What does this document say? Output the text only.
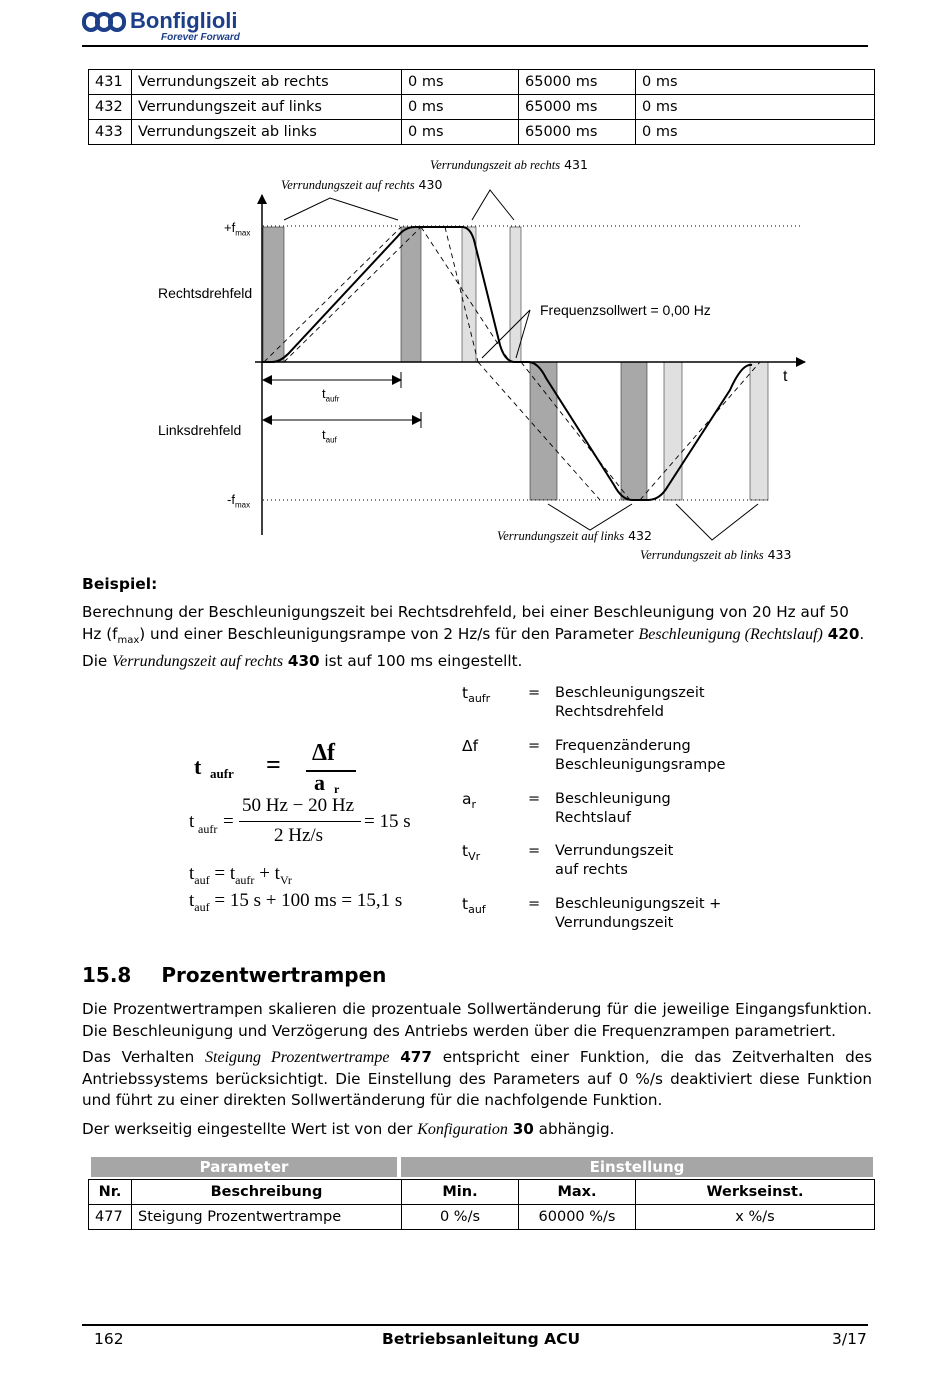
Bonfiglioli
Forever Forward
431	Verrundungszeit ab rechts	0 ms	65000 ms	0 ms
432	Verrundungszeit auf links	0 ms	65000 ms	0 ms
433	Verrundungszeit ab links	0 ms	65000 ms	0 ms
Verrundungszeit ab rechts 431
Verrundungszeit auf rechts 430
$+f_{max}$
Rechtsdrehfeld
Frequenzsollwert = 0,00 Hz
t
$t_{aufr}$
Linksdrehfeld	$t_{auf}$
$-f_{max}$
Verrundungszeit auf links 432
Verrundungszeit ab links 433
Beispiel:
Berechnung der Beschleunigungszeit bei Rechtsdrehfeld, bei einer Beschleunigung von 20 Hz auf 50 Hz $(f_{max})$ und einer Beschleunigungsrampe von 2 Hz/s für den Parameter Beschleunigung (Rechtslauf) 420.
Die Verrundungszeit auf rechts 430 ist auf 100 ms eingestellt.
t aufr = Δf
a r
t aufr =
50 Hz − 20 Hz
2 Hz/s
= 15 s
$t_{auf} = t_{aufr} + t_{Vr}$
$t_{auf} = 15$ s + 100 ms = 15,1 s
$t_{aufr}$	= Beschleunigungszeit
Rechtsdrehfeld
Δf	= Frequenzänderung
Beschleunigungsrampe
$a_r$	= Beschleunigung
Rechtslauf
$t_{Vr}$	= Verrundungszeit
auf rechts
$t_{auf}$	= Beschleunigungszeit +
Verrundungszeit
15.8 Prozentwertrampen
Die Prozentwertrampen skalieren die prozentuale Sollwertänderung für die jeweilige Eingangsfunktion. Die Beschleunigung und Verzögerung des Antriebs werden über die Frequenzrampen parametriert.
Das Verhalten Steigung Prozentwertrampe 477 entspricht einer Funktion, die das Zeitverhalten des Antriebssystems berücksichtigt. Die Einstellung des Parameters auf 0 %/s deaktiviert diese Funktion und führt zu einer direkten Sollwertänderung für die nachfolgende Funktion.
Der werkseitig eingestellte Wert ist von der Konfiguration 30 abhängig.
Parameter	Einstellung
Nr.	Beschreibung	Min.	Max.	Werkseinst.
477	Steigung Prozentwertrampe	0 %/s	60000 %/s	x %/s
162	Betriebsanleitung ACU	3/17
